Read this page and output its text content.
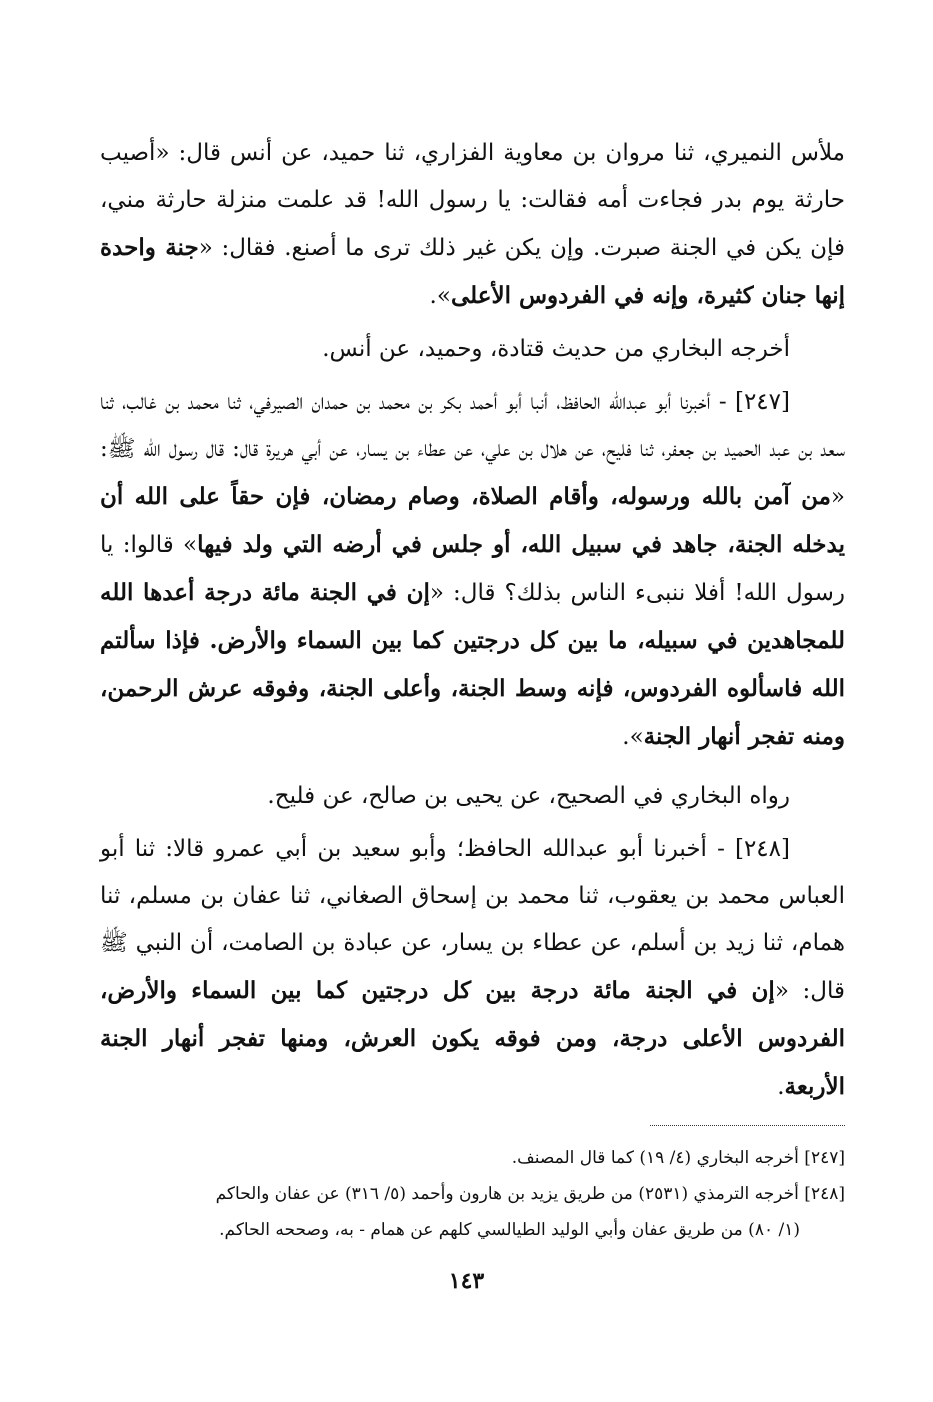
ملأس النميري، ثنا مروان بن معاوية الفزاري، ثنا حميد، عن أنس قال: «أصيب حارثة يوم بدر فجاءت أمه فقالت: يا رسول الله! قد علمت منزلة حارثة مني، فإن يكن في الجنة صبرت. وإن يكن غير ذلك ترى ما أصنع. فقال: «جنة واحدة إنها جنان كثيرة، وإنه في الفردوس الأعلى».

أخرجه البخاري من حديث قتادة، وحميد، عن أنس.

[٢٤٧] - أخبرنا أبو عبدالله الحافظ، أنبا أبو أحمد بكر بن محمد بن حمدان الصيرفي، ثنا محمد بن غالب، ثنا سعد بن عبد الحميد بن جعفر، ثنا فليح، عن هلال بن علي، عن عطاء بن يسار، عن أبي هريرة قال: قال رسول الله ﷺ: «من آمن بالله ورسوله، وأقام الصلاة، وصام رمضان، فإن حقاً على الله أن يدخله الجنة، جاهد في سبيل الله، أو جلس في أرضه التي ولد فيها» قالوا: يا رسول الله! أفلا ننبىء الناس بذلك؟ قال: «إن في الجنة مائة درجة أعدها الله للمجاهدين في سبيله، ما بين كل درجتين كما بين السماء والأرض. فإذا سألتم الله فاسألوه الفردوس، فإنه وسط الجنة، وأعلى الجنة، وفوقه عرش الرحمن، ومنه تفجر أنهار الجنة».

رواه البخاري في الصحيح، عن يحيى بن صالح، عن فليح.

[٢٤٨] - أخبرنا أبو عبدالله الحافظ؛ وأبو سعيد بن أبي عمرو قالا: ثنا أبو العباس محمد بن يعقوب، ثنا محمد بن إسحاق الصغاني، ثنا عفان بن مسلم، ثنا همام، ثنا زيد بن أسلم، عن عطاء بن يسار، عن عبادة بن الصامت، أن النبي ﷺ قال: «إن في الجنة مائة درجة بين كل درجتين كما بين السماء والأرض، الفردوس الأعلى درجة، ومن فوقه يكون العرش، ومنها تفجر أنهار الجنة الأربعة.

[٢٤٧] أخرجه البخاري (٤/ ١٩) كما قال المصنف.

[٢٤٨] أخرجه الترمذي (٢٥٣١) من طريق يزيد بن هارون وأحمد (٥/ ٣١٦) عن عفان والحاكم

(١/ ٨٠) من طريق عفان وأبي الوليد الطيالسي كلهم عن همام - به، وصححه الحاكم.

١٤٣
